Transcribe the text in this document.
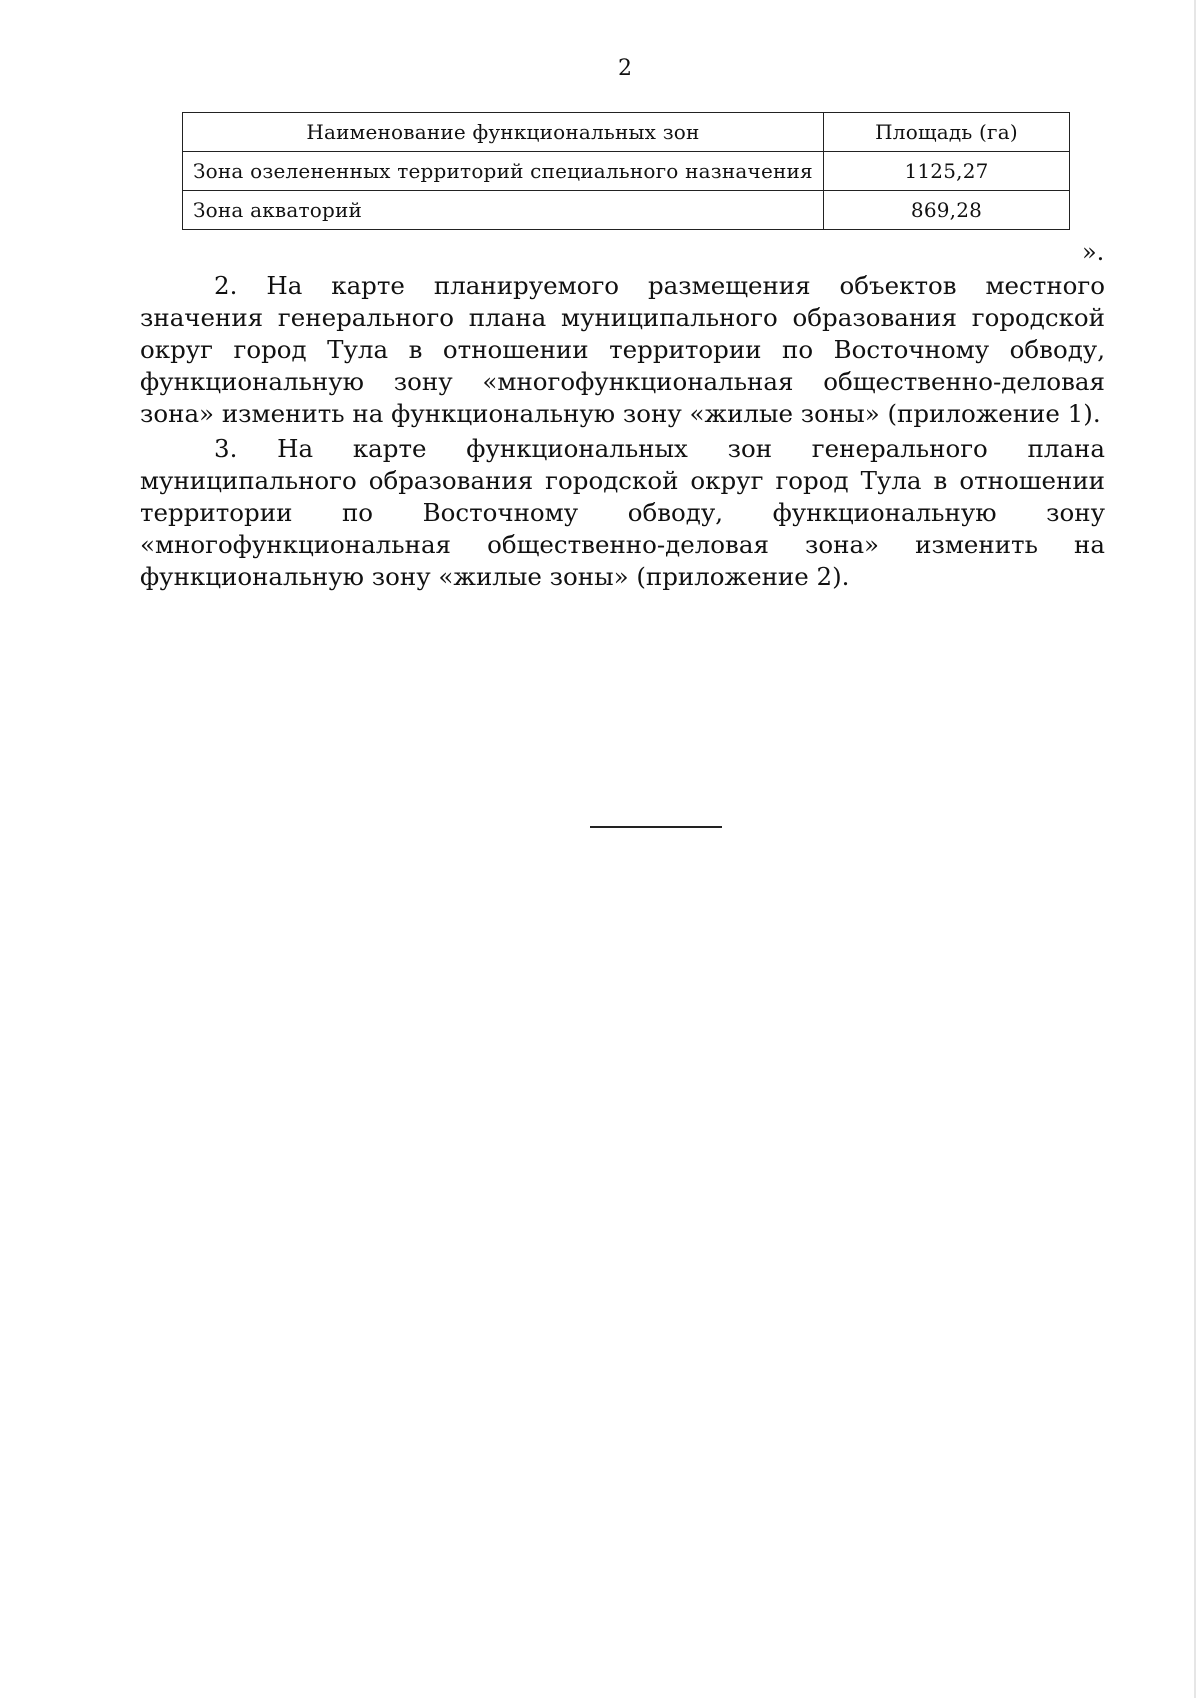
2
Наименование функциональных зон	Площадь (га)
Зона озелененных территорий специального назначения	1125,27
Зона акваторий	869,28
».

2. На карте планируемого размещения объектов местного значения генерального плана муниципального образования городской округ город Тула в отношении территории по Восточному обводу, функциональную зону «многофункциональная общественно-деловая зона» изменить на функциональную зону «жилые зоны» (приложение 1).

3. На карте функциональных зон генерального плана муниципального образования городской округ город Тула в отношении территории по Восточному обводу, функциональную зону «многофункциональная общественно-деловая зона» изменить на функциональную зону «жилые зоны» (приложение 2).
